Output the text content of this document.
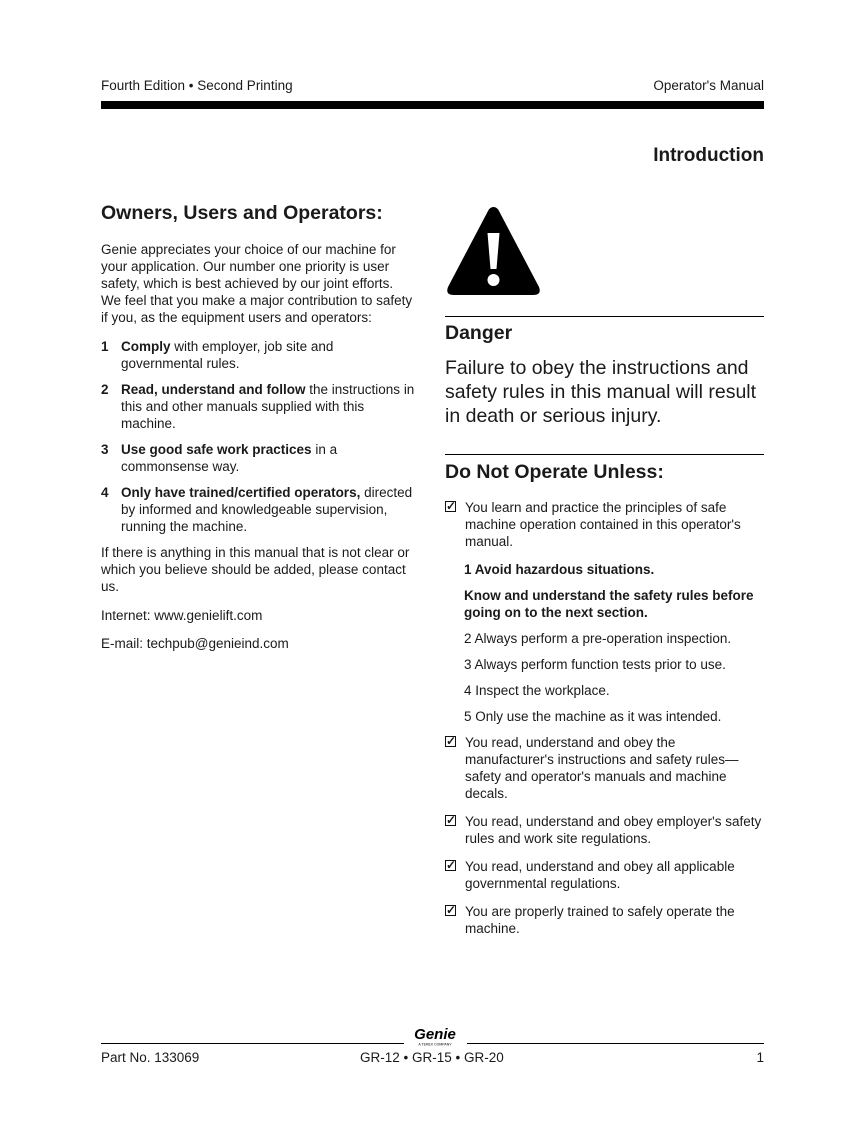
Fourth Edition • Second Printing	Operator's Manual
Introduction
Owners, Users and Operators:

Genie appreciates your choice of our machine for your application. Our number one priority is user safety, which is best achieved by our joint efforts. We feel that you make a major contribution to safety if you, as the equipment users and operators:

1 Comply with employer, job site and governmental rules.
2 Read, understand and follow the instructions in this and other manuals supplied with this machine.
3 Use good safe work practices in a commonsense way.
4 Only have trained/certified operators, directed by informed and knowledgeable supervision, running the machine.

If there is anything in this manual that is not clear or which you believe should be added, please contact us.

Internet: www.genielift.com

E-mail: techpub@genieind.com

Danger
Failure to obey the instructions and safety rules in this manual will result in death or serious injury.
Do Not Operate Unless:
✓ You learn and practice the principles of safe machine operation contained in this operator's manual.
1 Avoid hazardous situations.
Know and understand the safety rules before going on to the next section.
2 Always perform a pre-operation inspection.
3 Always perform function tests prior to use.
4 Inspect the workplace.
5 Only use the machine as it was intended.
✓ You read, understand and obey the manufacturer's instructions and safety rules—safety and operator's manuals and machine decals.
✓ You read, understand and obey employer's safety rules and work site regulations.
✓ You read, understand and obey all applicable governmental regulations.
✓ You are properly trained to safely operate the machine.
Genie
A TEREX COMPANY
Part No. 133069	GR-12 • GR-15 • GR-20	1
